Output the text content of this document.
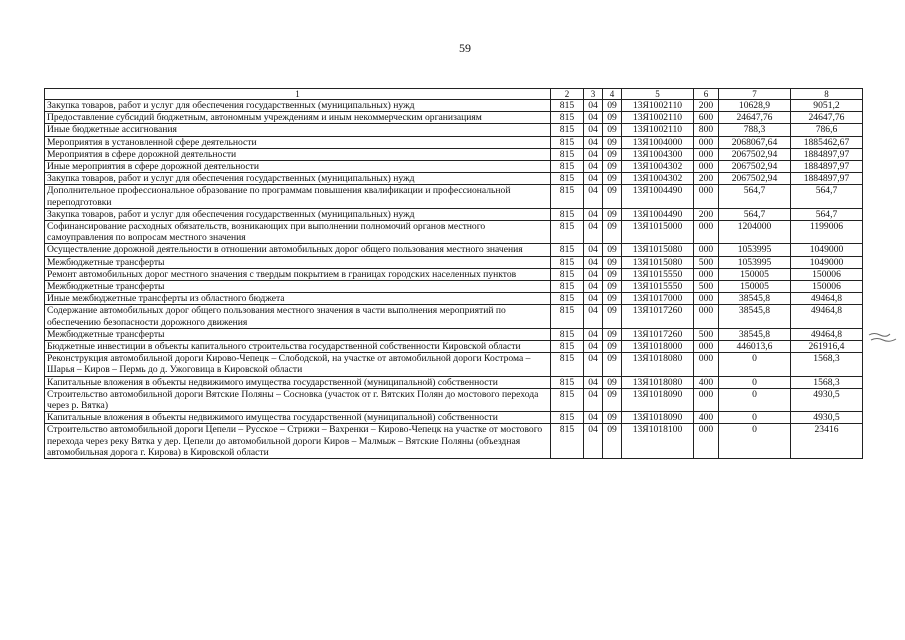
59
1	2	3	4	5	6	7	8
Закупка товаров, работ и услуг для обеспечения государственных (муниципальных) нужд	815	04	09	13Я1002110	200	10628,9	9051,2
Предоставление субсидий бюджетным, автономным учреждениям и иным некоммерческим организациям	815	04	09	13Я1002110	600	24647,76	24647,76
Иные бюджетные ассигнования	815	04	09	13Я1002110	800	788,3	786,6
Мероприятия в установленной сфере деятельности	815	04	09	13Я1004000	000	2068067,64	1885462,67
Мероприятия в сфере дорожной деятельности	815	04	09	13Я1004300	000	2067502,94	1884897,97
Иные мероприятия в сфере дорожной деятельности	815	04	09	13Я1004302	000	2067502,94	1884897,97
Закупка товаров, работ и услуг для обеспечения государственных (муниципальных) нужд	815	04	09	13Я1004302	200	2067502,94	1884897,97
Дополнительное профессиональное образование по программам повышения квалификации и профессиональной переподготовки	815	04	09	13Я1004490	000	564,7	564,7
Закупка товаров, работ и услуг для обеспечения государственных (муниципальных) нужд	815	04	09	13Я1004490	200	564,7	564,7
Софинансирование расходных обязательств, возникающих при выполнении полномочий органов местного самоуправления по вопросам местного значения	815	04	09	13Я1015000	000	1204000	1199006
Осуществление дорожной деятельности в отношении автомобильных дорог общего пользования местного значения	815	04	09	13Я1015080	000	1053995	1049000
Межбюджетные трансферты	815	04	09	13Я1015080	500	1053995	1049000
Ремонт автомобильных дорог местного значения с твердым покрытием в границах городских населенных пунктов	815	04	09	13Я1015550	000	150005	150006
Межбюджетные трансферты	815	04	09	13Я1015550	500	150005	150006
Иные межбюджетные трансферты из областного бюджета	815	04	09	13Я1017000	000	38545,8	49464,8
Содержание автомобильных дорог общего пользования местного значения в части выполнения мероприятий по обеспечению безопасности дорожного движения	815	04	09	13Я1017260	000	38545,8	49464,8
Межбюджетные трансферты	815	04	09	13Я1017260	500	38545,8	49464,8
Бюджетные инвестиции в объекты капитального строительства государственной собственности Кировской области	815	04	09	13Я1018000	000	446013,6	261916,4
Реконструкция автомобильной дороги Кирово-Чепецк – Слободской, на участке от автомобильной дороги Кострома – Шарья – Киров – Пермь до д. Ужоговица в Кировской области	815	04	09	13Я1018080	000	0	1568,3
Капитальные вложения в объекты недвижимого имущества государственной (муниципальной) собственности	815	04	09	13Я1018080	400	0	1568,3
Строительство автомобильной дороги Вятские Поляны – Сосновка (участок от г. Вятских Полян до мостового перехода через р. Вятка)	815	04	09	13Я1018090	000	0	4930,5
Капитальные вложения в объекты недвижимого имущества государственной (муниципальной) собственности	815	04	09	13Я1018090	400	0	4930,5
Строительство автомобильной дороги Цепели – Русское – Стрижи – Вахренки – Кирово-Чепецк на участке от мостового перехода через реку Вятка у дер. Цепели до автомобильной дороги Киров – Малмыж – Вятские Поляны (объездная автомобильная дорога г. Кирова) в Кировской области	815	04	09	13Я1018100	000	0	23416
